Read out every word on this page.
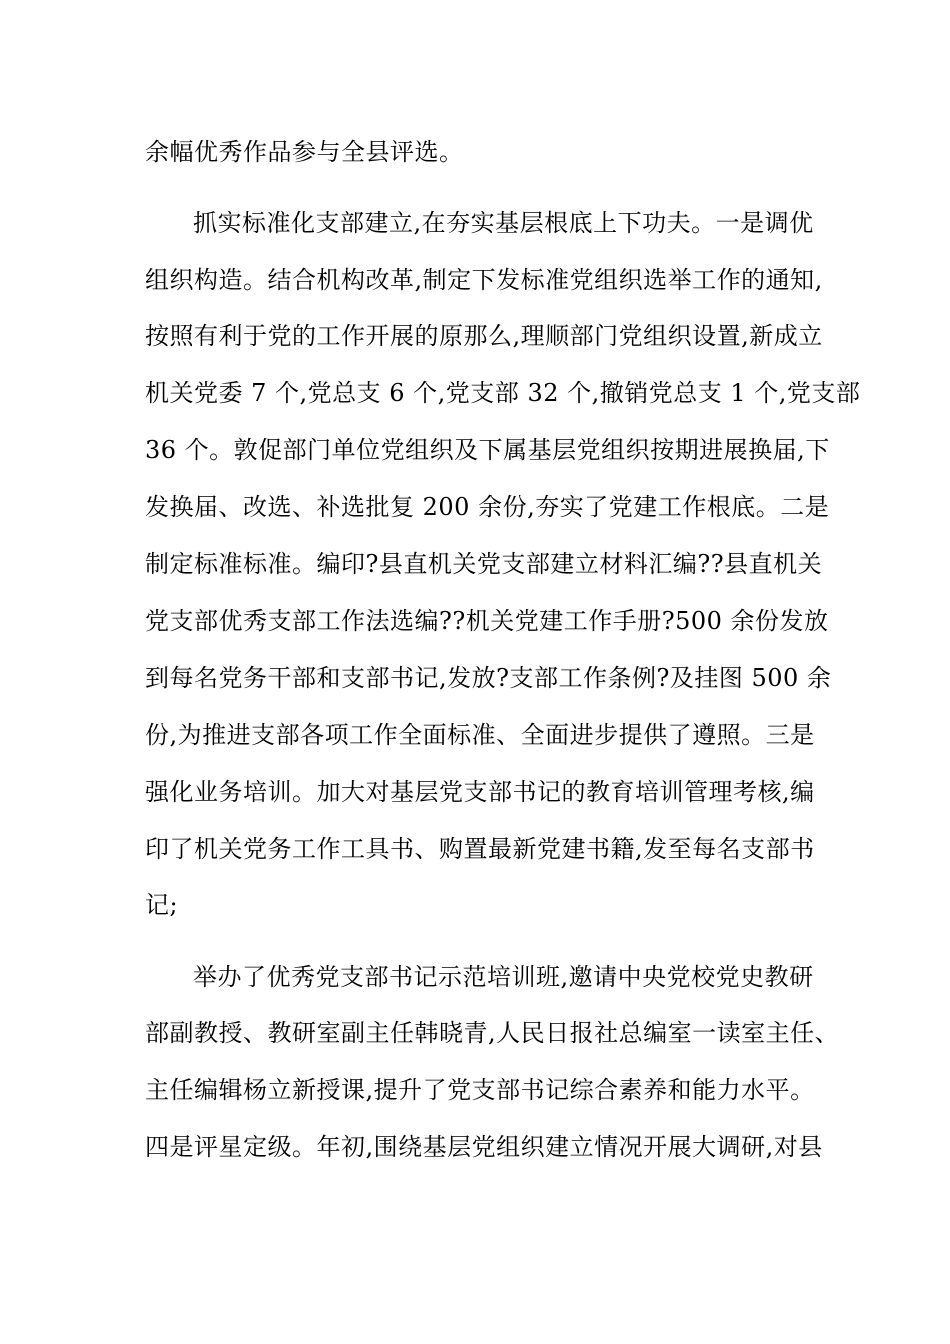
余幅优秀作品参与全县评选。
抓实标准化支部建立,在夯实基层根底上下功夫。一是调优
组织构造。结合机构改革,制定下发标准党组织选举工作的通知,
按照有利于党的工作开展的原那么,理顺部门党组织设置,新成立
机关党委 7 个,党总支 6 个,党支部 32 个,撤销党总支 1 个,党支部
36 个。敦促部门单位党组织及下属基层党组织按期进展换届,下
发换届、改选、补选批复 200 余份,夯实了党建工作根底。二是
制定标准标准。编印?县直机关党支部建立材料汇编??县直机关
党支部优秀支部工作法选编??机关党建工作手册?500 余份发放
到每名党务干部和支部书记,发放?支部工作条例?及挂图 500 余
份,为推进支部各项工作全面标准、全面进步提供了遵照。三是
强化业务培训。加大对基层党支部书记的教育培训管理考核,编
印了机关党务工作工具书、购置最新党建书籍,发至每名支部书
记;
举办了优秀党支部书记示范培训班,邀请中央党校党史教研
部副教授、教研室副主任韩晓青,人民日报社总编室一读室主任、
主任编辑杨立新授课,提升了党支部书记综合素养和能力水平。
四是评星定级。年初,围绕基层党组织建立情况开展大调研,对县
